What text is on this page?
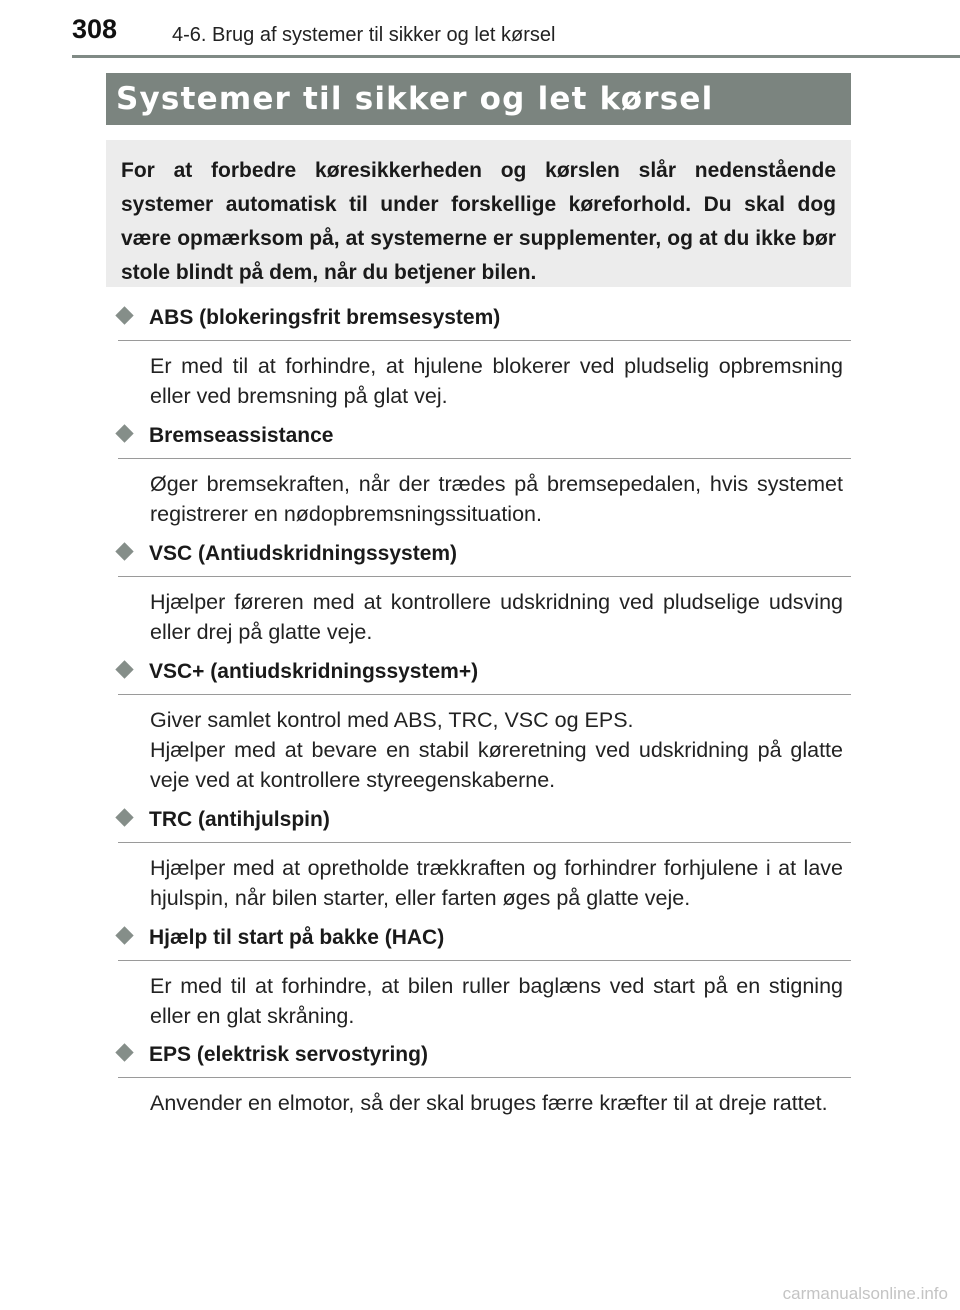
308	4-6. Brug af systemer til sikker og let kørsel
Systemer til sikker og let kørsel

For at forbedre køresikkerheden og kørslen slår nedenstående systemer automatisk til under forskellige køreforhold. Du skal dog være opmærksom på, at systemerne er supplementer, og at du ikke bør stole blindt på dem, når du betjener bilen.

ABS (blokeringsfrit bremsesystem)

Er med til at forhindre, at hjulene blokerer ved pludselig opbremsning eller ved bremsning på glat vej.

Bremseassistance

Øger bremsekraften, når der trædes på bremsepedalen, hvis systemet registrerer en nødopbremsningssituation.

VSC (Antiudskridningssystem)

Hjælper føreren med at kontrollere udskridning ved pludselige udsving eller drej på glatte veje.

VSC+ (antiudskridningssystem+)

Giver samlet kontrol med ABS, TRC, VSC og EPS.

Hjælper med at bevare en stabil køreretning ved udskridning på glatte veje ved at kontrollere styreegenskaberne.

TRC (antihjulspin)

Hjælper med at opretholde trækkraften og forhindrer forhjulene i at lave hjulspin, når bilen starter, eller farten øges på glatte veje.

Hjælp til start på bakke (HAC)

Er med til at forhindre, at bilen ruller baglæns ved start på en stigning eller en glat skråning.

EPS (elektrisk servostyring)

Anvender en elmotor, så der skal bruges færre kræfter til at dreje rattet.

carmanualsonline.info
